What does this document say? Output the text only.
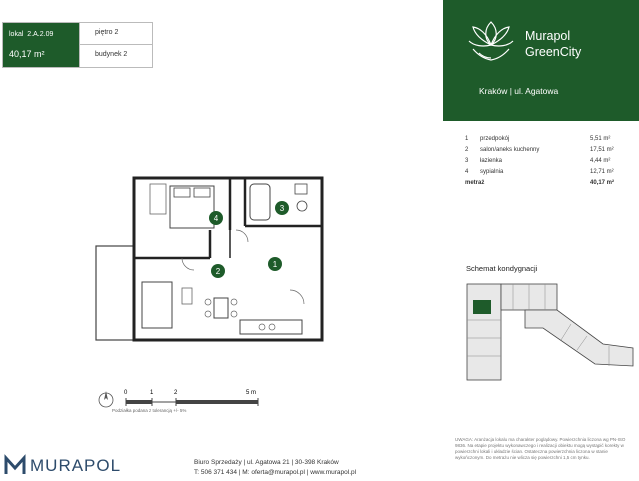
lokal 2.A.2.09
40,17 m²
piętro 2
budynek 2
Murapol
GreenCity
Kraków | ul. Agatowa
1 przedpokój	5,51 m²
2 salon/aneks kuchenny	17,51 m²
3 łazienka	4,44 m²
4 sypialnia	12,71 m²
metraż	40,17 m²
1
2
3
4
0	1	2	5 m
Podziałka podana z tolerancją +/- 5%
Schemat kondygnacji
MURAPOL	Biuro Sprzedaży | ul. Agatowa 21 | 30-398 Kraków
T: 506 371 434 | M: oferta@murapol.pl | www.murapol.pl
UWAGA: Aranżacja lokalu ma charakter poglądowy. Powierzchnia liczona wg PN-ISO 9836. Na etapie projektu wykonawczego i realizacji obiektu mogą wystąpić korekty w powierzchni lokali i układzie ścian. Ostateczna powierzchnia liczona w stanie wykończonym. Do metrażu nie wlicza się powierzchni 1,5 cm tynku.
